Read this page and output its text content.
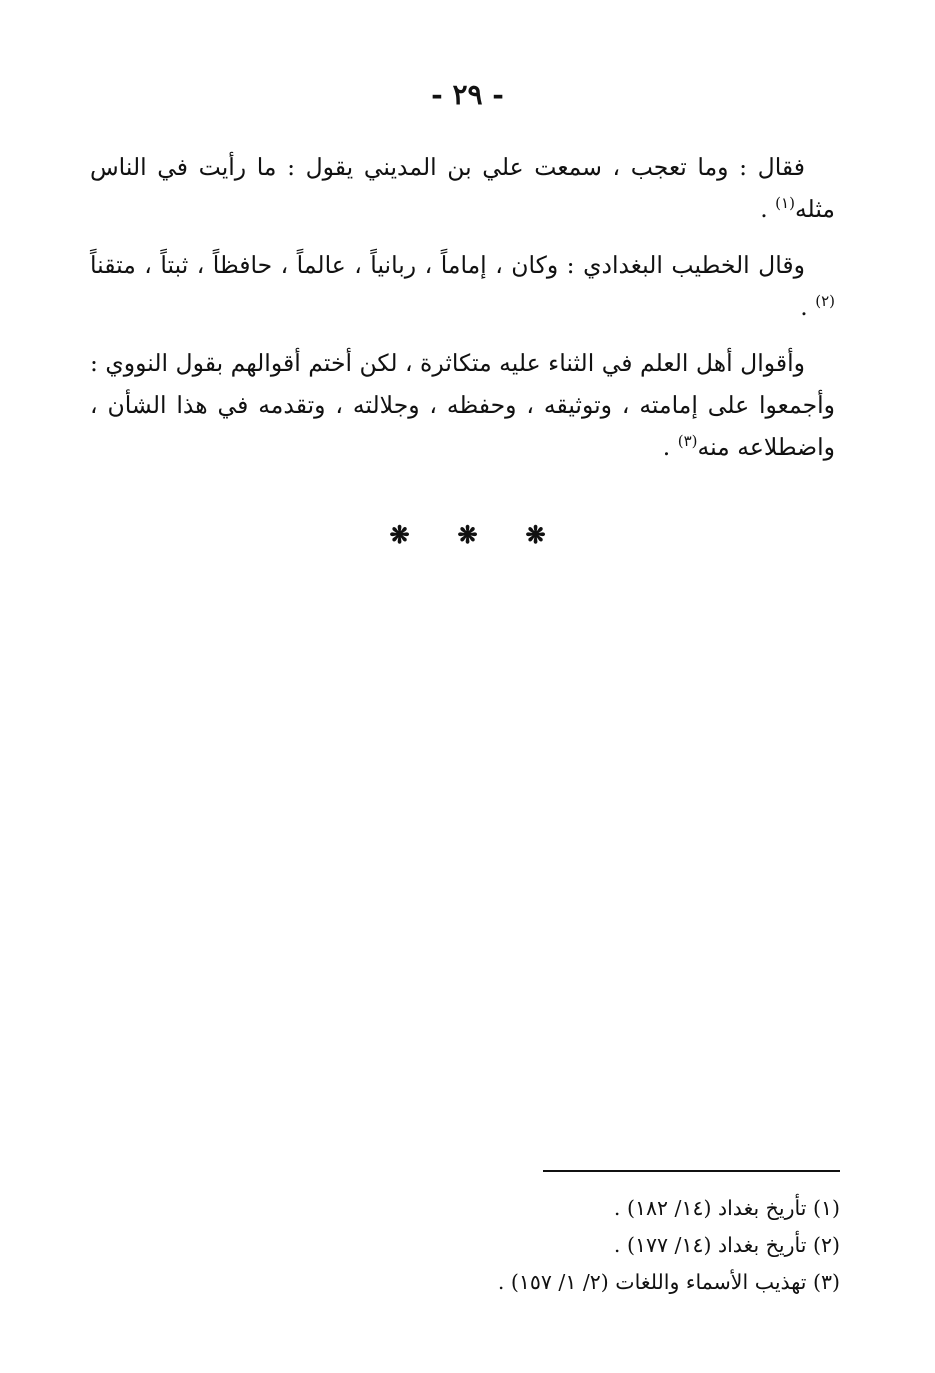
- ٢٩ -

فقال : وما تعجب ، سمعت علي بن المديني يقول : ما رأيت في الناس مثله$^{(١)}$ .

وقال الخطيب البغدادي : وكان ، إماماً ، ربانياً ، عالماً ، حافظاً ، ثبتاً ، متقناً $^{(٢)}$ .

وأقوال أهل العلم في الثناء عليه متكاثرة ، لكن أختم أقوالهم بقول النووي : وأجمعوا على إمامته ، وتوثيقه ، وحفظه ، وجلالته ، وتقدمه في هذا الشأن ، واضطلاعه منه$^{(٣)}$ .

❋
❋
❋
(١) تأريخ بغداد (١٤/ ١٨٢) .
(٢) تأريخ بغداد (١٤/ ١٧٧) .
(٣) تهذيب الأسماء واللغات (٢/ ١/ ١٥٧) .
